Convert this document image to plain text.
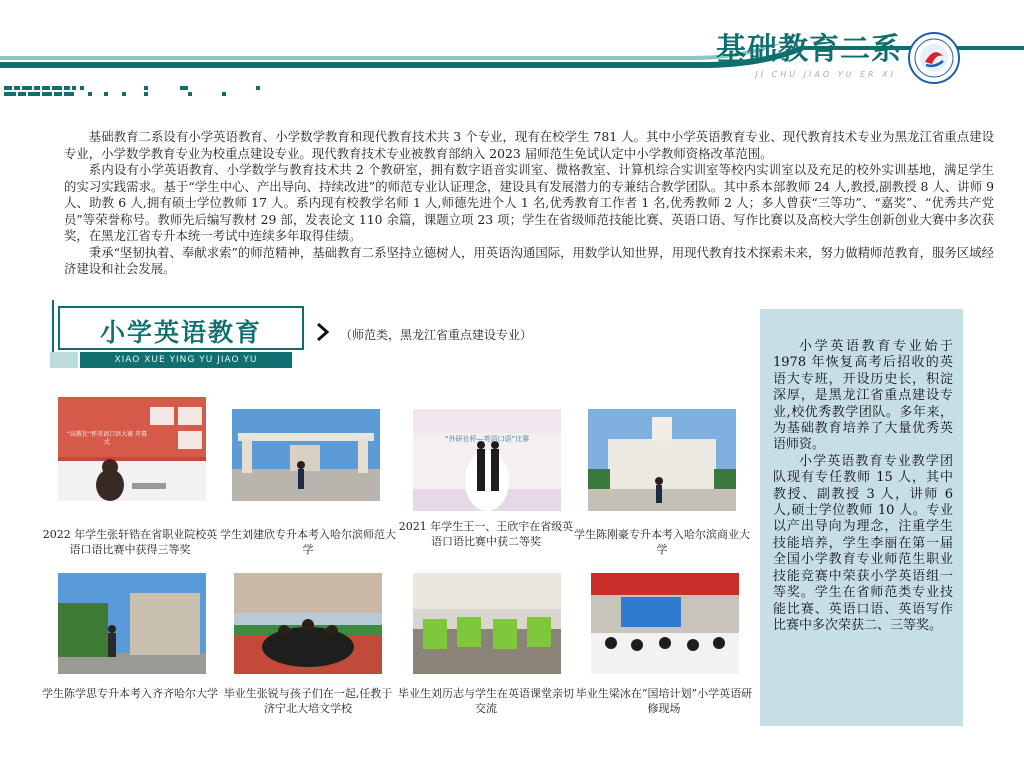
基础教育二系
JI CHU JIAO YU ER XI

基础教育二系设有小学英语教育、小学数学教育和现代教育技术共 3 个专业，现有在校学生 781 人。其中小学英语教育专业、现代教育技术专业为黑龙江省重点建设专业，小学数学教育专业为校重点建设专业。现代教育技术专业被教育部纳入 2023 届师范生免试认定中小学教师资格改革范围。

系内设有小学英语教育、小学数学与教育技术共 2 个教研室，拥有数字语音实训室、微格教室、计算机综合实训室等校内实训室以及充足的校外实训基地，满足学生的实习实践需求。基于“学生中心、产出导向、持续改进”的师范专业认证理念，建设具有发展潜力的专兼结合教学团队。其中系本部教师 24 人,教授,副教授 8 人、讲师 9 人、助教 6 人,拥有硕士学位教师 17 人。系内现有校教学名师 1 人,师德先进个人 1 名,优秀教育工作者 1 名,优秀教师 2 人；多人曾获“三等功”、“嘉奖”、“优秀共产党员”等荣誉称号。教师先后编写教材 29 部，发表论文 110 余篇，课题立项 23 项；学生在省级师范技能比赛、英语口语、写作比赛以及高校大学生创新创业大赛中多次获奖，在黑龙江省专升本统一考试中连续多年取得佳绩。

秉承“坚韧执着、奉献求索”的师范精神，基础教育二系坚持立德树人，用英语沟通国际，用数学认知世界，用现代教育技术探索未来，努力做精师范教育，服务区域经济建设和社会发展。

小学英语教育
XIAO XUE YING YU JIAO YU
（师范类，黑龙江省重点建设专业）
“高教社”杯英语口语大赛 开幕式
2022 年学生张轩锆在省职业院校英语口语比赛中获得三等奖
学生刘建欣专升本考入哈尔滨师范大学
“外研社杯—英语口语”比赛
2021 年学生王一、王欣宇在省级英语口语比赛中获二等奖
学生陈刚豪专升本考入哈尔滨商业大学
学生陈学思专升本考入齐齐哈尔大学 毕业生张锐与孩子们在一起,任教于济宁北大培文学校
毕业生刘历志与学生在英语课堂亲切交流
毕业生梁冰在“国培计划”小学英语研修现场

小学英语教育专业始于 1978 年恢复高考后招收的英语大专班，开设历史长，积淀深厚，是黑龙江省重点建设专业,校优秀教学团队。多年来，为基础教育培养了大量优秀英语师资。

小学英语教育专业教学团队现有专任教师 15 人，其中教授、副教授 3 人，讲师 6 人,硕士学位教师 10 人。专业以产出导向为理念，注重学生技能培养，学生李丽在第一届全国小学教育专业师范生职业技能竞赛中荣获小学英语组一等奖。学生在省师范类专业技能比赛、英语口语、英语写作比赛中多次荣获二、三等奖。
